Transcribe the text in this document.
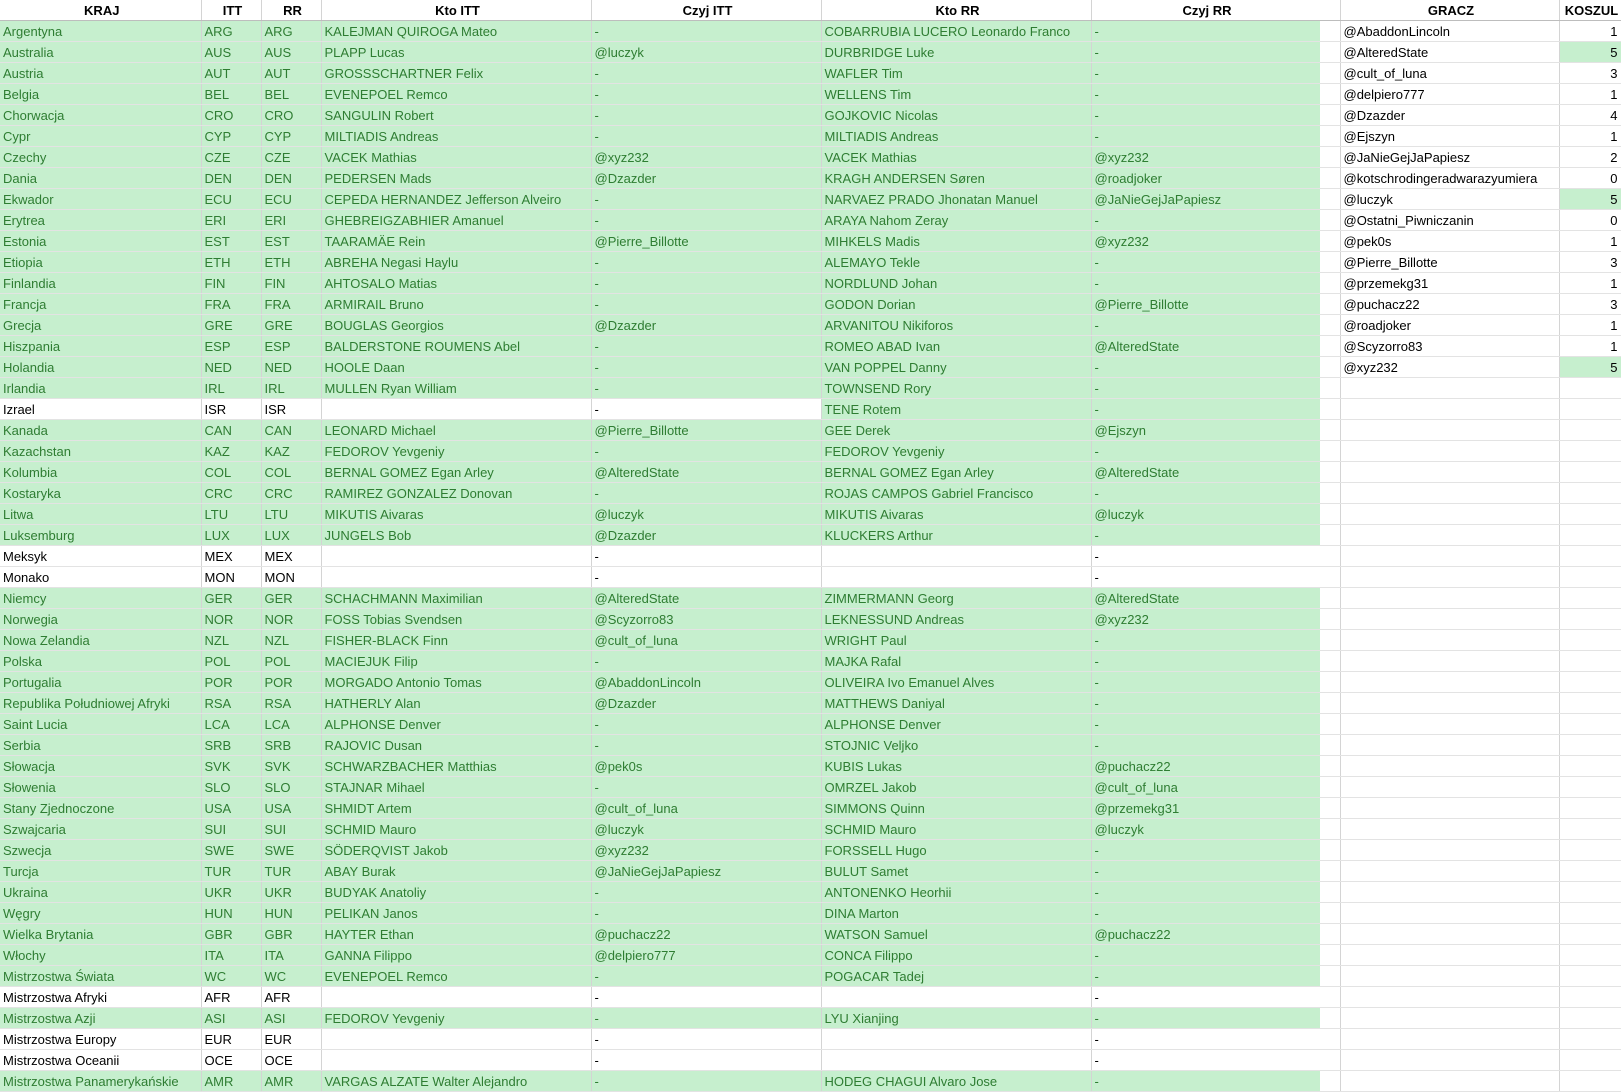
KRAJ	ITT	RR	Kto ITT	Czyj ITT	Kto RR	Czyj RR
Argentyna	ARG	ARG	KALEJMAN QUIROGA Mateo	-	COBARRUBIA LUCERO Leonardo Franco	-
Australia	AUS	AUS	PLAPP Lucas	@luczyk	DURBRIDGE Luke	-
Austria	AUT	AUT	GROSSSCHARTNER Felix	-	WAFLER Tim	-
Belgia	BEL	BEL	EVENEPOEL Remco	-	WELLENS Tim	-
Chorwacja	CRO	CRO	SANGULIN Robert	-	GOJKOVIC Nicolas	-
Cypr	CYP	CYP	MILTIADIS Andreas	-	MILTIADIS Andreas	-
Czechy	CZE	CZE	VACEK Mathias	@xyz232	VACEK Mathias	@xyz232
Dania	DEN	DEN	PEDERSEN Mads	@Dzazder	KRAGH ANDERSEN Søren	@roadjoker
Ekwador	ECU	ECU	CEPEDA HERNANDEZ Jefferson Alveiro	-	NARVAEZ PRADO Jhonatan Manuel	@JaNieGejJaPapiesz
Erytrea	ERI	ERI	GHEBREIGZABHIER Amanuel	-	ARAYA Nahom Zeray	-
Estonia	EST	EST	TAARAMÄE Rein	@Pierre_Billotte	MIHKELS Madis	@xyz232
Etiopia	ETH	ETH	ABREHA Negasi Haylu	-	ALEMAYO Tekle	-
Finlandia	FIN	FIN	AHTOSALO Matias	-	NORDLUND Johan	-
Francja	FRA	FRA	ARMIRAIL Bruno	-	GODON Dorian	@Pierre_Billotte
Grecja	GRE	GRE	BOUGLAS Georgios	@Dzazder	ARVANITOU Nikiforos	-
Hiszpania	ESP	ESP	BALDERSTONE ROUMENS Abel	-	ROMEO ABAD Ivan	@AlteredState
Holandia	NED	NED	HOOLE Daan	-	VAN POPPEL Danny	-
Irlandia	IRL	IRL	MULLEN Ryan William	-	TOWNSEND Rory	-
Izrael	ISR	ISR		-	TENE Rotem	-
Kanada	CAN	CAN	LEONARD Michael	@Pierre_Billotte	GEE Derek	@Ejszyn
Kazachstan	KAZ	KAZ	FEDOROV Yevgeniy	-	FEDOROV Yevgeniy	-
Kolumbia	COL	COL	BERNAL GOMEZ Egan Arley	@AlteredState	BERNAL GOMEZ Egan Arley	@AlteredState
Kostaryka	CRC	CRC	RAMIREZ GONZALEZ Donovan	-	ROJAS CAMPOS Gabriel Francisco	-
Litwa	LTU	LTU	MIKUTIS Aivaras	@luczyk	MIKUTIS Aivaras	@luczyk
Luksemburg	LUX	LUX	JUNGELS Bob	@Dzazder	KLUCKERS Arthur	-
Meksyk	MEX	MEX		-		-
Monako	MON	MON		-		-
Niemcy	GER	GER	SCHACHMANN Maximilian	@AlteredState	ZIMMERMANN Georg	@AlteredState
Norwegia	NOR	NOR	FOSS Tobias Svendsen	@Scyzorro83	LEKNESSUND Andreas	@xyz232
Nowa Zelandia	NZL	NZL	FISHER-BLACK Finn	@cult_of_luna	WRIGHT Paul	-
Polska	POL	POL	MACIEJUK Filip	-	MAJKA Rafal	-
Portugalia	POR	POR	MORGADO Antonio Tomas	@AbaddonLincoln	OLIVEIRA Ivo Emanuel Alves	-
Republika Południowej Afryki	RSA	RSA	HATHERLY Alan	@Dzazder	MATTHEWS Daniyal	-
Saint Lucia	LCA	LCA	ALPHONSE Denver	-	ALPHONSE Denver	-
Serbia	SRB	SRB	RAJOVIC Dusan	-	STOJNIC Veljko	-
Słowacja	SVK	SVK	SCHWARZBACHER Matthias	@pek0s	KUBIS Lukas	@puchacz22
Słowenia	SLO	SLO	STAJNAR Mihael	-	OMRZEL Jakob	@cult_of_luna
Stany Zjednoczone	USA	USA	SHMIDT Artem	@cult_of_luna	SIMMONS Quinn	@przemekg31
Szwajcaria	SUI	SUI	SCHMID Mauro	@luczyk	SCHMID Mauro	@luczyk
Szwecja	SWE	SWE	SÖDERQVIST Jakob	@xyz232	FORSSELL Hugo	-
Turcja	TUR	TUR	ABAY Burak	@JaNieGejJaPapiesz	BULUT Samet	-
Ukraina	UKR	UKR	BUDYAK Anatoliy	-	ANTONENKO Heorhii	-
Węgry	HUN	HUN	PELIKAN Janos	-	DINA Marton	-
Wielka Brytania	GBR	GBR	HAYTER Ethan	@puchacz22	WATSON Samuel	@puchacz22
Włochy	ITA	ITA	GANNA Filippo	@delpiero777	CONCA Filippo	-
Mistrzostwa Świata	WC	WC	EVENEPOEL Remco	-	POGACAR Tadej	-
Mistrzostwa Afryki	AFR	AFR		-		-
Mistrzostwa Azji	ASI	ASI	FEDOROV Yevgeniy	-	LYU Xianjing	-
Mistrzostwa Europy	EUR	EUR		-		-
Mistrzostwa Oceanii	OCE	OCE		-		-
Mistrzostwa Panamerykańskie	AMR	AMR	VARGAS ALZATE Walter Alejandro	-	HODEG CHAGUI Alvaro Jose	-
	GRACZ	KOSZUL
	@AbaddonLincoln	1
	@AlteredState	5
	@cult_of_luna	3
	@delpiero777	1
	@Dzazder	4
	@Ejszyn	1
	@JaNieGejJaPapiesz	2
	@kotschrodingeradwarazyumiera	0
	@luczyk	5
	@Ostatni_Piwniczanin	0
	@pek0s	1
	@Pierre_Billotte	3
	@przemekg31	1
	@puchacz22	3
	@roadjoker	1
	@Scyzorro83	1
	@xyz232	5
